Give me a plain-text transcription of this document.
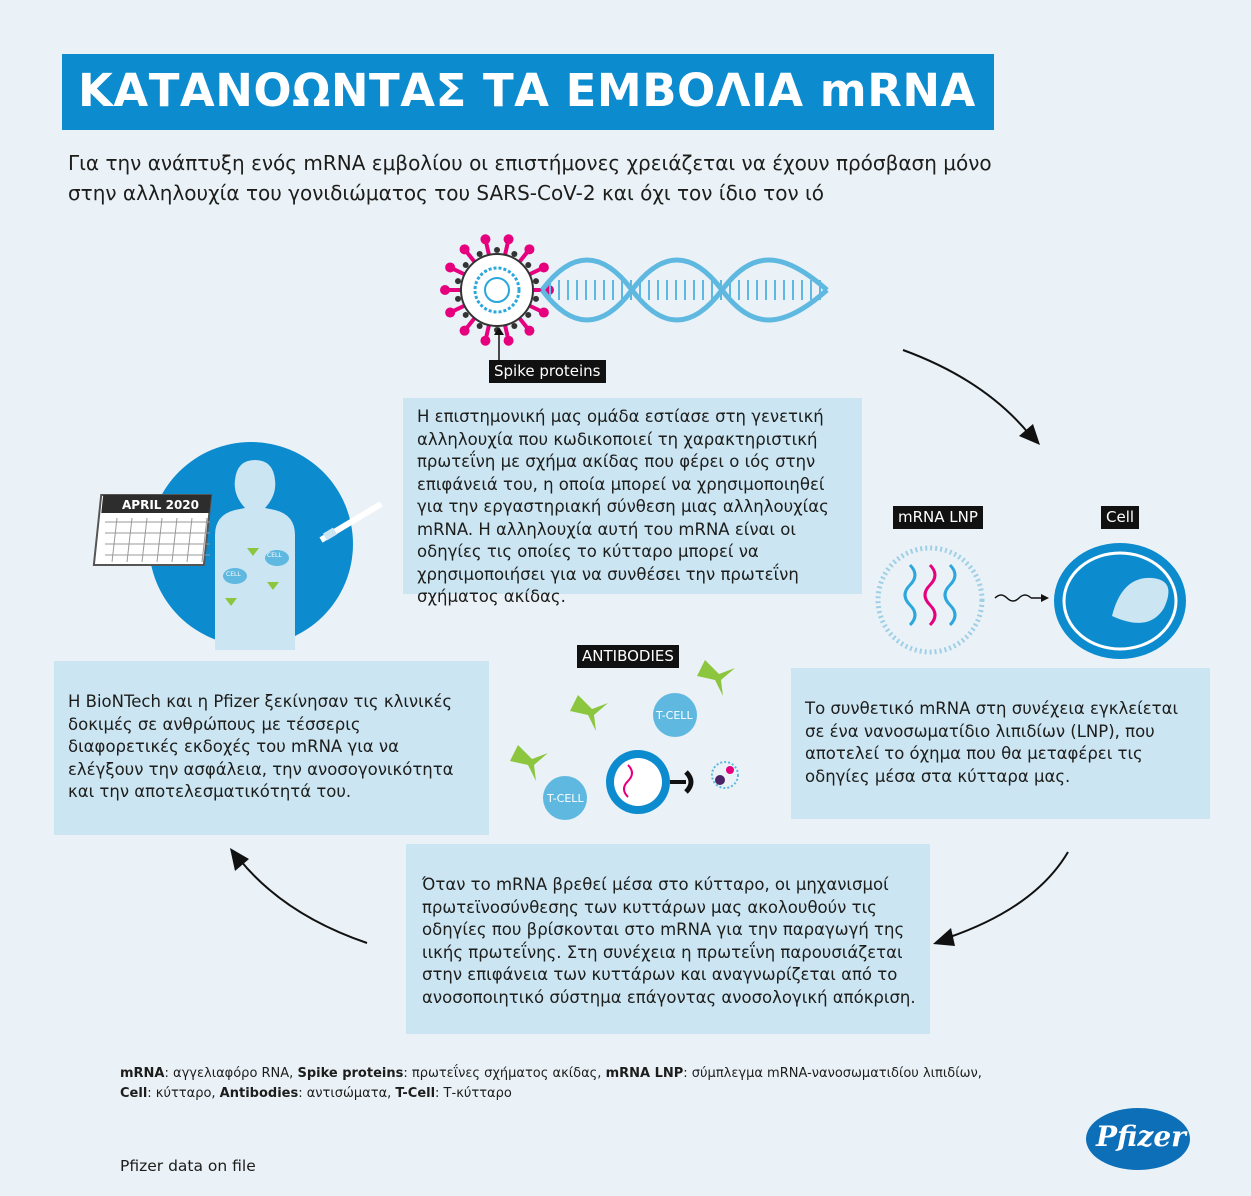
ΚΑΤΑΝΟΩΝΤΑΣ ΤΑ ΕΜΒΟΛΙΑ mRNA
Για την ανάπτυξη ενός mRNA εμβολίου οι επιστήμονες χρειάζεται να έχουν πρόσβαση μόνο στην αλληλουχία του γονιδιώματος του SARS-CoV-2 και όχι τον ίδιο τον ιό
Spike proteins
Η επιστημονική μας ομάδα εστίασε στη γενετική αλληλουχία που κωδικοποιεί τη χαρακτηριστική πρωτεΐνη με σχήμα ακίδας που φέρει ο ιός στην επιφάνειά του, η οποία μπορεί να χρησιμοποιηθεί για την εργαστηριακή σύνθεση μιας αλληλουχίας mRNA. Η αλληλουχία αυτή του mRNA είναι οι οδηγίες τις οποίες το κύτταρο μπορεί να χρησιμοποιήσει για να συνθέσει την πρωτεΐνη σχήματος ακίδας.
mRNA LNP	Cell
Το συνθετικό mRNA στη συνέχεια εγκλείεται σε ένα νανοσωματίδιο λιπιδίων (LNP), που αποτελεί το όχημα που θα μεταφέρει τις οδηγίες μέσα στα κύτταρα μας.
Όταν το mRNA βρεθεί μέσα στο κύτταρο, οι μηχανισμοί πρωτεϊνοσύνθεσης των κυττάρων μας ακολουθούν τις οδηγίες που βρίσκονται στο mRNA για την παραγωγή της ιικής πρωτεΐνης. Στη συνέχεια η πρωτεΐνη παρουσιάζεται στην επιφάνεια των κυττάρων και αναγνωρίζεται από το ανοσοποιητικό σύστημα επάγοντας ανοσολογική απόκριση.
Η BioNTech και η Pfizer ξεκίνησαν τις κλινικές δοκιμές σε ανθρώπους με τέσσερις διαφορετικές εκδοχές του mRNA για να ελέγξουν την ασφάλεια, την ανοσογονικότητα και την αποτελεσματικότητά του.
APRIL 2020
CELL
CELL
ANTIBODIES
T-CELL
T-CELL
mRNA: αγγελιαφόρο RNA, Spike proteins: πρωτεΐνες σχήματος ακίδας, mRNA LNP: σύμπλεγμα mRNA-νανοσωματιδίου λιπιδίων,
Cell: κύτταρο, Antibodies: αντισώματα, T-Cell: Τ-κύτταρο
Pfizer data on file
Pfizer
